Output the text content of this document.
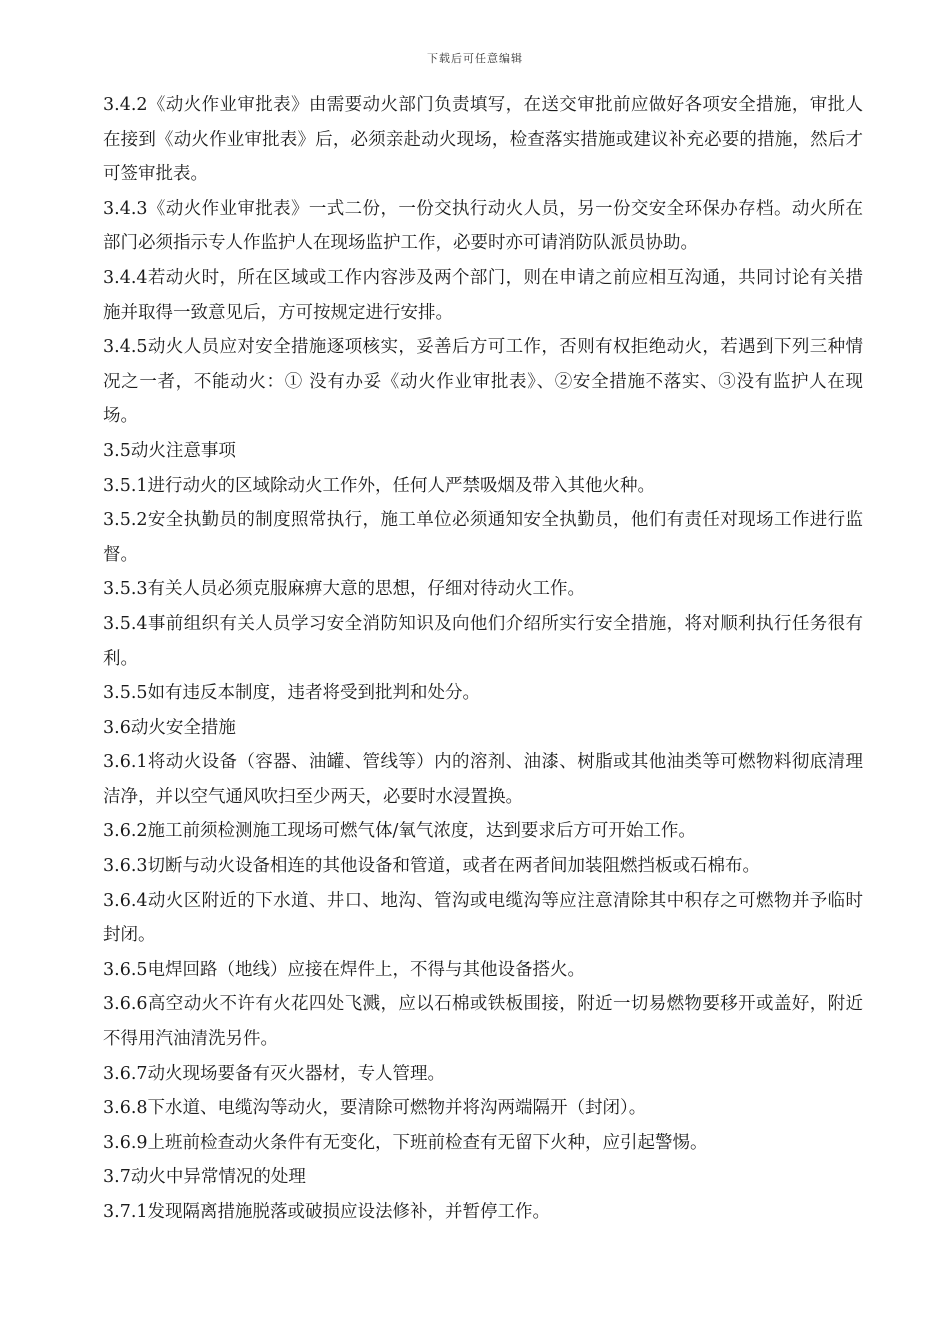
下载后可任意编辑

3.4.2《动火作业审批表》由需要动火部门负责填写，在送交审批前应做好各项安全措施，审批人在接到《动火作业审批表》后，必须亲赴动火现场，检查落实措施或建议补充必要的措施，然后才可签审批表。

3.4.3《动火作业审批表》一式二份，一份交执行动火人员，另一份交安全环保办存档。动火所在部门必须指示专人作监护人在现场监护工作，必要时亦可请消防队派员协助。

3.4.4若动火时，所在区域或工作内容涉及两个部门，则在申请之前应相互沟通，共同讨论有关措施并取得一致意见后，方可按规定进行安排。

3.4.5动火人员应对安全措施逐项核实，妥善后方可工作，否则有权拒绝动火，若遇到下列三种情况之一者，不能动火：① 没有办妥《动火作业审批表》、②安全措施不落实、③没有监护人在现场。

3.5动火注意事项

3.5.1进行动火的区域除动火工作外，任何人严禁吸烟及带入其他火种。

3.5.2安全执勤员的制度照常执行，施工单位必须通知安全执勤员，他们有责任对现场工作进行监督。

3.5.3有关人员必须克服麻痹大意的思想，仔细对待动火工作。

3.5.4事前组织有关人员学习安全消防知识及向他们介绍所实行安全措施，将对顺利执行任务很有利。

3.5.5如有违反本制度，违者将受到批判和处分。

3.6动火安全措施

3.6.1将动火设备（容器、油罐、管线等）内的溶剂、油漆、树脂或其他油类等可燃物料彻底清理洁净，并以空气通风吹扫至少两天，必要时水浸置换。

3.6.2施工前须检测施工现场可燃气体/氧气浓度，达到要求后方可开始工作。

3.6.3切断与动火设备相连的其他设备和管道，或者在两者间加装阻燃挡板或石棉布。

3.6.4动火区附近的下水道、井口、地沟、管沟或电缆沟等应注意清除其中积存之可燃物并予临时封闭。

3.6.5电焊回路（地线）应接在焊件上，不得与其他设备搭火。

3.6.6高空动火不许有火花四处飞溅，应以石棉或铁板围接，附近一切易燃物要移开或盖好，附近不得用汽油清洗另件。

3.6.7动火现场要备有灭火器材，专人管理。

3.6.8下水道、电缆沟等动火，要清除可燃物并将沟两端隔开（封闭）。

3.6.9上班前检查动火条件有无变化，下班前检查有无留下火种，应引起警惕。

3.7动火中异常情况的处理

3.7.1发现隔离措施脱落或破损应设法修补，并暂停工作。
